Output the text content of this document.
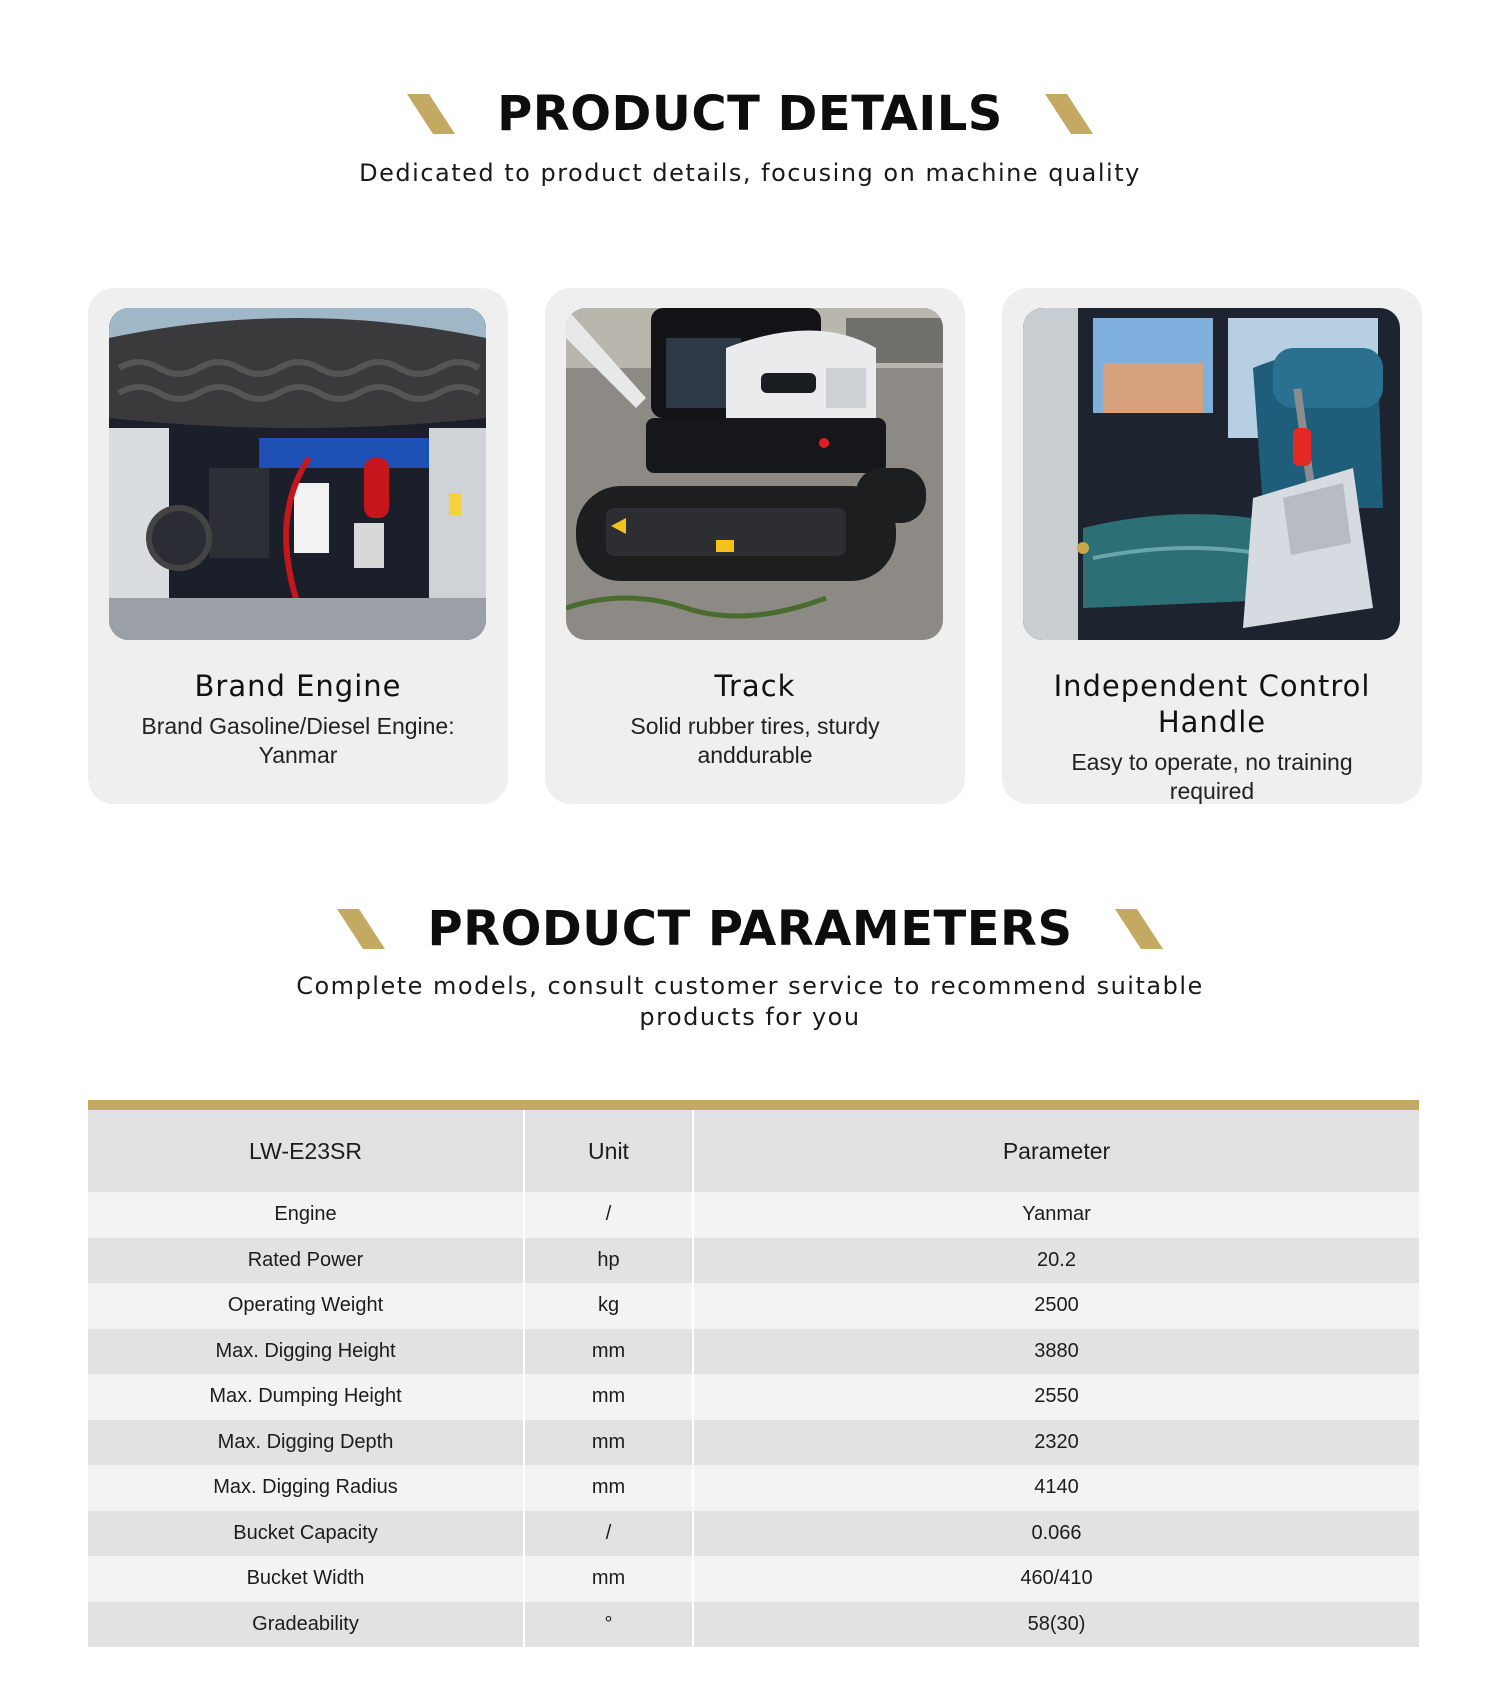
PRODUCT DETAILS

Dedicated to product details, focusing on machine quality

Brand Engine

Brand Gasoline/Diesel Engine: Yanmar

Track

Solid rubber tires, sturdy anddurable

Independent Control Handle

Easy to operate, no training required

PRODUCT PARAMETERS

Complete models, consult customer service to recommend suitable
products for you

LW-E23SR	Unit	Parameter
Engine	/	Yanmar
Rated Power	hp	20.2
Operating Weight	kg	2500
Max. Digging Height	mm	3880
Max. Dumping Height	mm	2550
Max. Digging Depth	mm	2320
Max. Digging Radius	mm	4140
Bucket Capacity	/	0.066
Bucket Width	mm	460/410
Gradeability	°	58(30)
